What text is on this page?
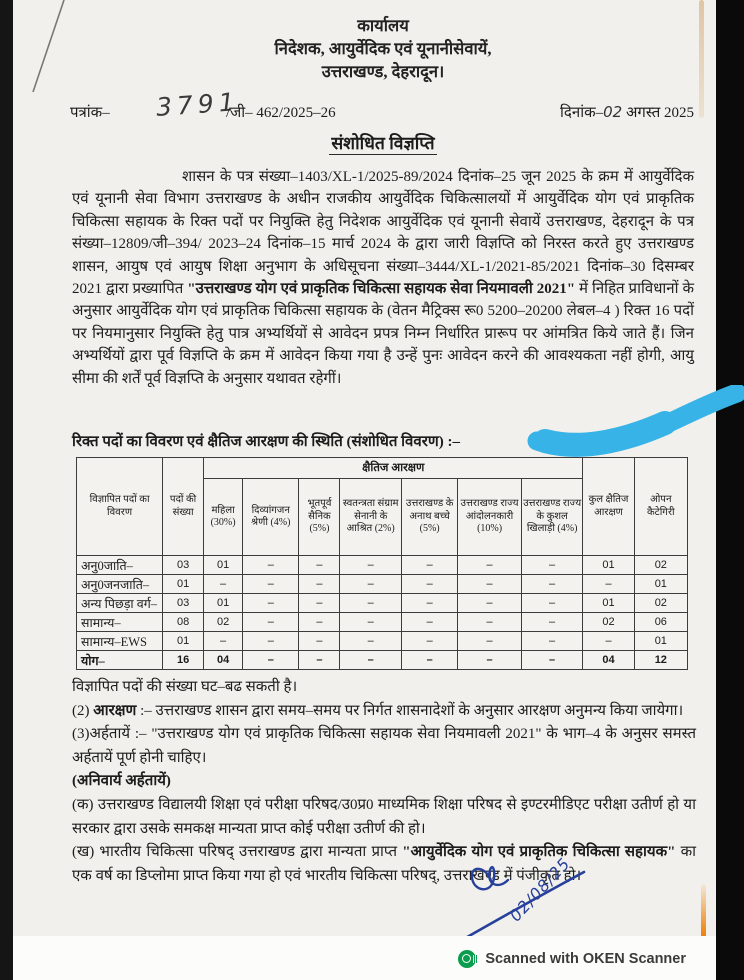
कार्यालय
निदेशक, आयुर्वेदिक एवं यूनानीसेवायें,
उत्तराखण्ड, देहरादून।
पत्रांक– 3791
/जी– 462/2025–26	दिनांक–02 अगस्त 2025
संशोधित विज्ञप्ति
शासन के पत्र संख्या–1403/XL-1/2025-89/2024 दिनांक–25 जून 2025 के क्रम में आयुर्वेदिक एवं यूनानी सेवा विभाग उत्तराखण्ड के अधीन राजकीय आयुर्वेदिक चिकित्सालयों में आयुर्वेदिक योग एवं प्राकृतिक चिकित्सा सहायक के रिक्त पदों पर नियुक्ति हेतु निदेशक आयुर्वेदिक एवं यूनानी सेवायें उत्तराखण्ड, देहरादून के पत्र संख्या–12809/जी–394/ 2023–24 दिनांक–15 मार्च 2024 के द्वारा जारी विज्ञप्ति को निरस्त करते हुए उत्तराखण्ड शासन, आयुष एवं आयुष शिक्षा अनुभाग के अधिसूचना संख्या–3444/XL-1/2021-85/2021 दिनांक–30 दिसम्बर 2021 द्वारा प्रख्यापित "उत्तराखण्ड योग एवं प्राकृतिक चिकित्सा सहायक सेवा नियमावली 2021" में निहित प्राविधानों के अनुसार आयुर्वेदिक योग एवं प्राकृतिक चिकित्सा सहायक के (वेतन मैट्रिक्स रू0 5200–20200 लेबल–4 ) रिक्त 16 पदों पर नियमानुसार नियुक्ति हेतु पात्र अभ्यर्थियों से आवेदन प्रपत्र निम्न निर्धारित प्रारूप पर आंमत्रित किये जाते हैं। जिन अभ्यर्थियों द्वारा पूर्व विज्ञप्ति के क्रम में आवेदन किया गया है उन्हें पुनः आवेदन करने की आवश्यकता नहीं होगी, आयु सीमा की शर्तें पूर्व विज्ञप्ति के अनुसार यथावत रहेगीं।
रिक्त पदों का विवरण एवं क्षैतिज आरक्षण की स्थिति (संशोधित विवरण) :–
विज्ञापित पदों का विवरण	पदों की संख्या	क्षैतिज आरक्षण							कुल क्षैतिज आरक्षण	ओपन कैटेगिरी
		महिला (30%)	दिव्यांगजन श्रेणी (4%)	भूतपूर्व सैनिक (5%)	स्वतन्त्रता संग्राम सेनानी के आश्रित (2%)	उत्तराखण्ड के अनाथ बच्चे (5%)	उत्तराखण्ड राज्य आंदोलनकारी (10%)	उत्तराखण्ड राज्य के कुशल खिलाड़ी (4%)		
अनु0जाति–	03	01	–	–	–	–	–	–	01	02
अनु0जनजाति–	01	–	–	–	–	–	–	–	–	01
अन्य पिछड़ा वर्ग–	03	01	–	–	–	–	–	–	01	02
सामान्य–	08	02	–	–	–	–	–	–	02	06
सामान्य–EWS	01	–	–	–	–	–	–	–	–	01
योग–	16	04	–	–	–	–	–	–	04	12

विज्ञापित पदों की संख्या घट–बढ सकती है।

(2) आरक्षण :– उत्तराखण्ड शासन द्वारा समय–समय पर निर्गत शासनादेशों के अनुसार आरक्षण अनुमन्य किया जायेगा।

(3)अर्हतायें :– "उत्तराखण्ड योग एवं प्राकृतिक चिकित्सा सहायक सेवा नियमावली 2021" के भाग–4 के अनुसर समस्त अर्हतायें पूर्ण होनी चाहिए।

(अनिवार्य अर्हतायें)

(क) उत्तराखण्ड विद्यालयी शिक्षा एवं परीक्षा परिषद/उ0प्र0 माध्यमिक शिक्षा परिषद से इण्टरमीडिएट परीक्षा उतीर्ण हो या सरकार द्वारा उसके समकक्ष मान्यता प्राप्त कोई परीक्षा उतीर्ण की हो।

(ख) भारतीय चिकित्सा परिषद् उत्तराखण्ड द्वारा मान्यता प्राप्त "आयुर्वेदिक योग एवं प्राकृतिक चिकित्सा सहायक" का एक वर्ष का डिप्लोमा प्राप्त किया गया हो एवं भारतीय चिकित्सा परिषद्, उत्तराखण्ड में पंजीकृत हो।

02/08/25
Scanned with OKEN Scanner
